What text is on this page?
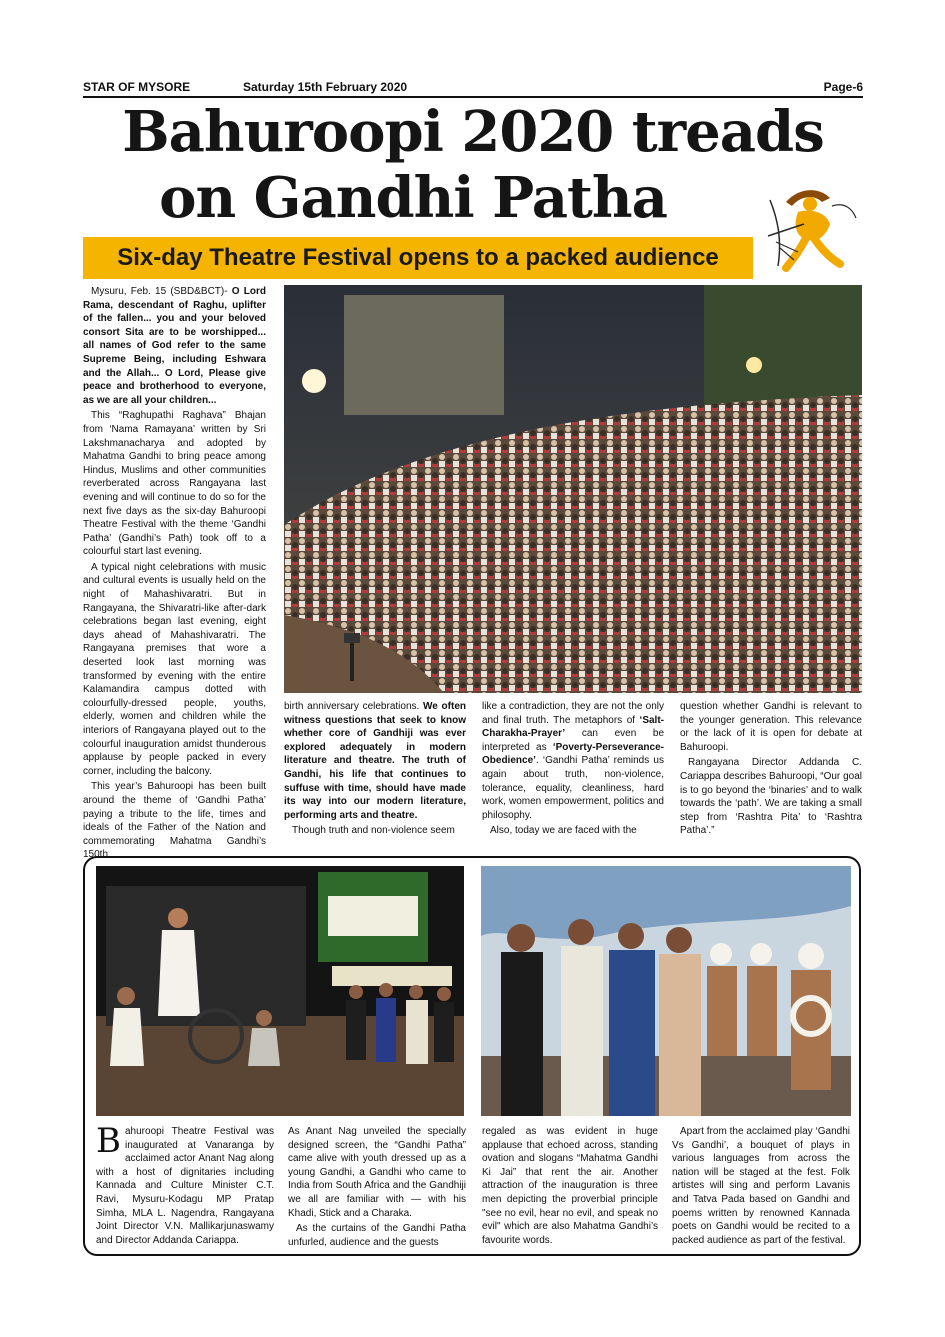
STAR OF MYSORE	Saturday 15th February 2020	Page-6
Bahuroopi 2020 treads
on Gandhi Patha
Six-day Theatre Festival opens to a packed audience

Mysuru, Feb. 15 (SBD&BCT)- O Lord Rama, descendant of Raghu, uplifter of the fallen... you and your beloved consort Sita are to be worshipped... all names of God refer to the same Supreme Being, including Eshwara and the Allah... O Lord, Please give peace and brotherhood to everyone, as we are all your children...

This “Raghupathi Raghava” Bhajan from ‘Nama Ramayana’ written by Sri Lakshmanacharya and adopted by Mahatma Gandhi to bring peace among Hindus, Muslims and other communities reverberated across Rangayana last evening and will continue to do so for the next five days as the six-day Bahuroopi Theatre Festival with the theme ‘Gandhi Patha’ (Gandhi’s Path) took off to a colourful start last evening.

A typical night celebrations with music and cultural events is usually held on the night of Mahashivaratri. But in Rangayana, the Shivaratri-like after-dark celebrations began last evening, eight days ahead of Mahashivaratri. The Rangayana premises that wore a deserted look last morning was transformed by evening with the entire Kalamandira campus dotted with colourfully-dressed people, youths, elderly, women and children while the interiors of Rangayana played out to the colourful inauguration amidst thunderous applause by people packed in every corner, including the balcony.

This year’s Bahuroopi has been built around the theme of ‘Gandhi Patha’ paying a tribute to the life, times and ideals of the Father of the Nation and commemorating Mahatma Gandhi’s 150th

birth anniversary celebrations. We often witness questions that seek to know whether core of Gandhiji was ever explored adequately in modern literature and theatre. The truth of Gandhi, his life that continues to suffuse with time, should have made its way into our modern literature, performing arts and theatre.

Though truth and non-violence seem

like a contradiction, they are not the only and final truth. The metaphors of ‘Salt-Charakha-Prayer’ can even be interpreted as ‘Poverty-Perseverance-Obedience’. ‘Gandhi Patha’ reminds us again about truth, non-violence, tolerance, equality, cleanliness, hard work, women empowerment, politics and philosophy.

Also, today we are faced with the

question whether Gandhi is relevant to the younger generation. This relevance or the lack of it is open for debate at Bahuroopi.

Rangayana Director Addanda C. Cariappa describes Bahuroopi, “Our goal is to go beyond the ‘binaries’ and to walk towards the ‘path’. We are taking a small step from ‘Rashtra Pita’ to ‘Rashtra Patha’.”

Bahuroopi Theatre Festival was inaugurated at Vanaranga by acclaimed actor Anant Nag along with a host of dignitaries including Kannada and Culture Minister C.T. Ravi, Mysuru-Kodagu MP Pratap Simha, MLA L. Nagendra, Rangayana Joint Director V.N. Mallikarjunaswamy and Director Addanda Cariappa.

As Anant Nag unveiled the specially designed screen, the “Gandhi Patha” came alive with youth dressed up as a young Gandhi, a Gandhi who came to India from South Africa and the Gandhiji we all are familiar with — with his Khadi, Stick and a Charaka.

As the curtains of the Gandhi Patha unfurled, audience and the guests

regaled as was evident in huge applause that echoed across, standing ovation and slogans “Mahatma Gandhi Ki Jai” that rent the air. Another attraction of the inauguration is three men depicting the proverbial principle "see no evil, hear no evil, and speak no evil" which are also Mahatma Gandhi’s favourite words.

Apart from the acclaimed play ‘Gandhi Vs Gandhi’, a bouquet of plays in various languages from across the nation will be staged at the fest. Folk artistes will sing and perform Lavanis and Tatva Pada based on Gandhi and poems written by renowned Kannada poets on Gandhi would be recited to a packed audience as part of the festival.
